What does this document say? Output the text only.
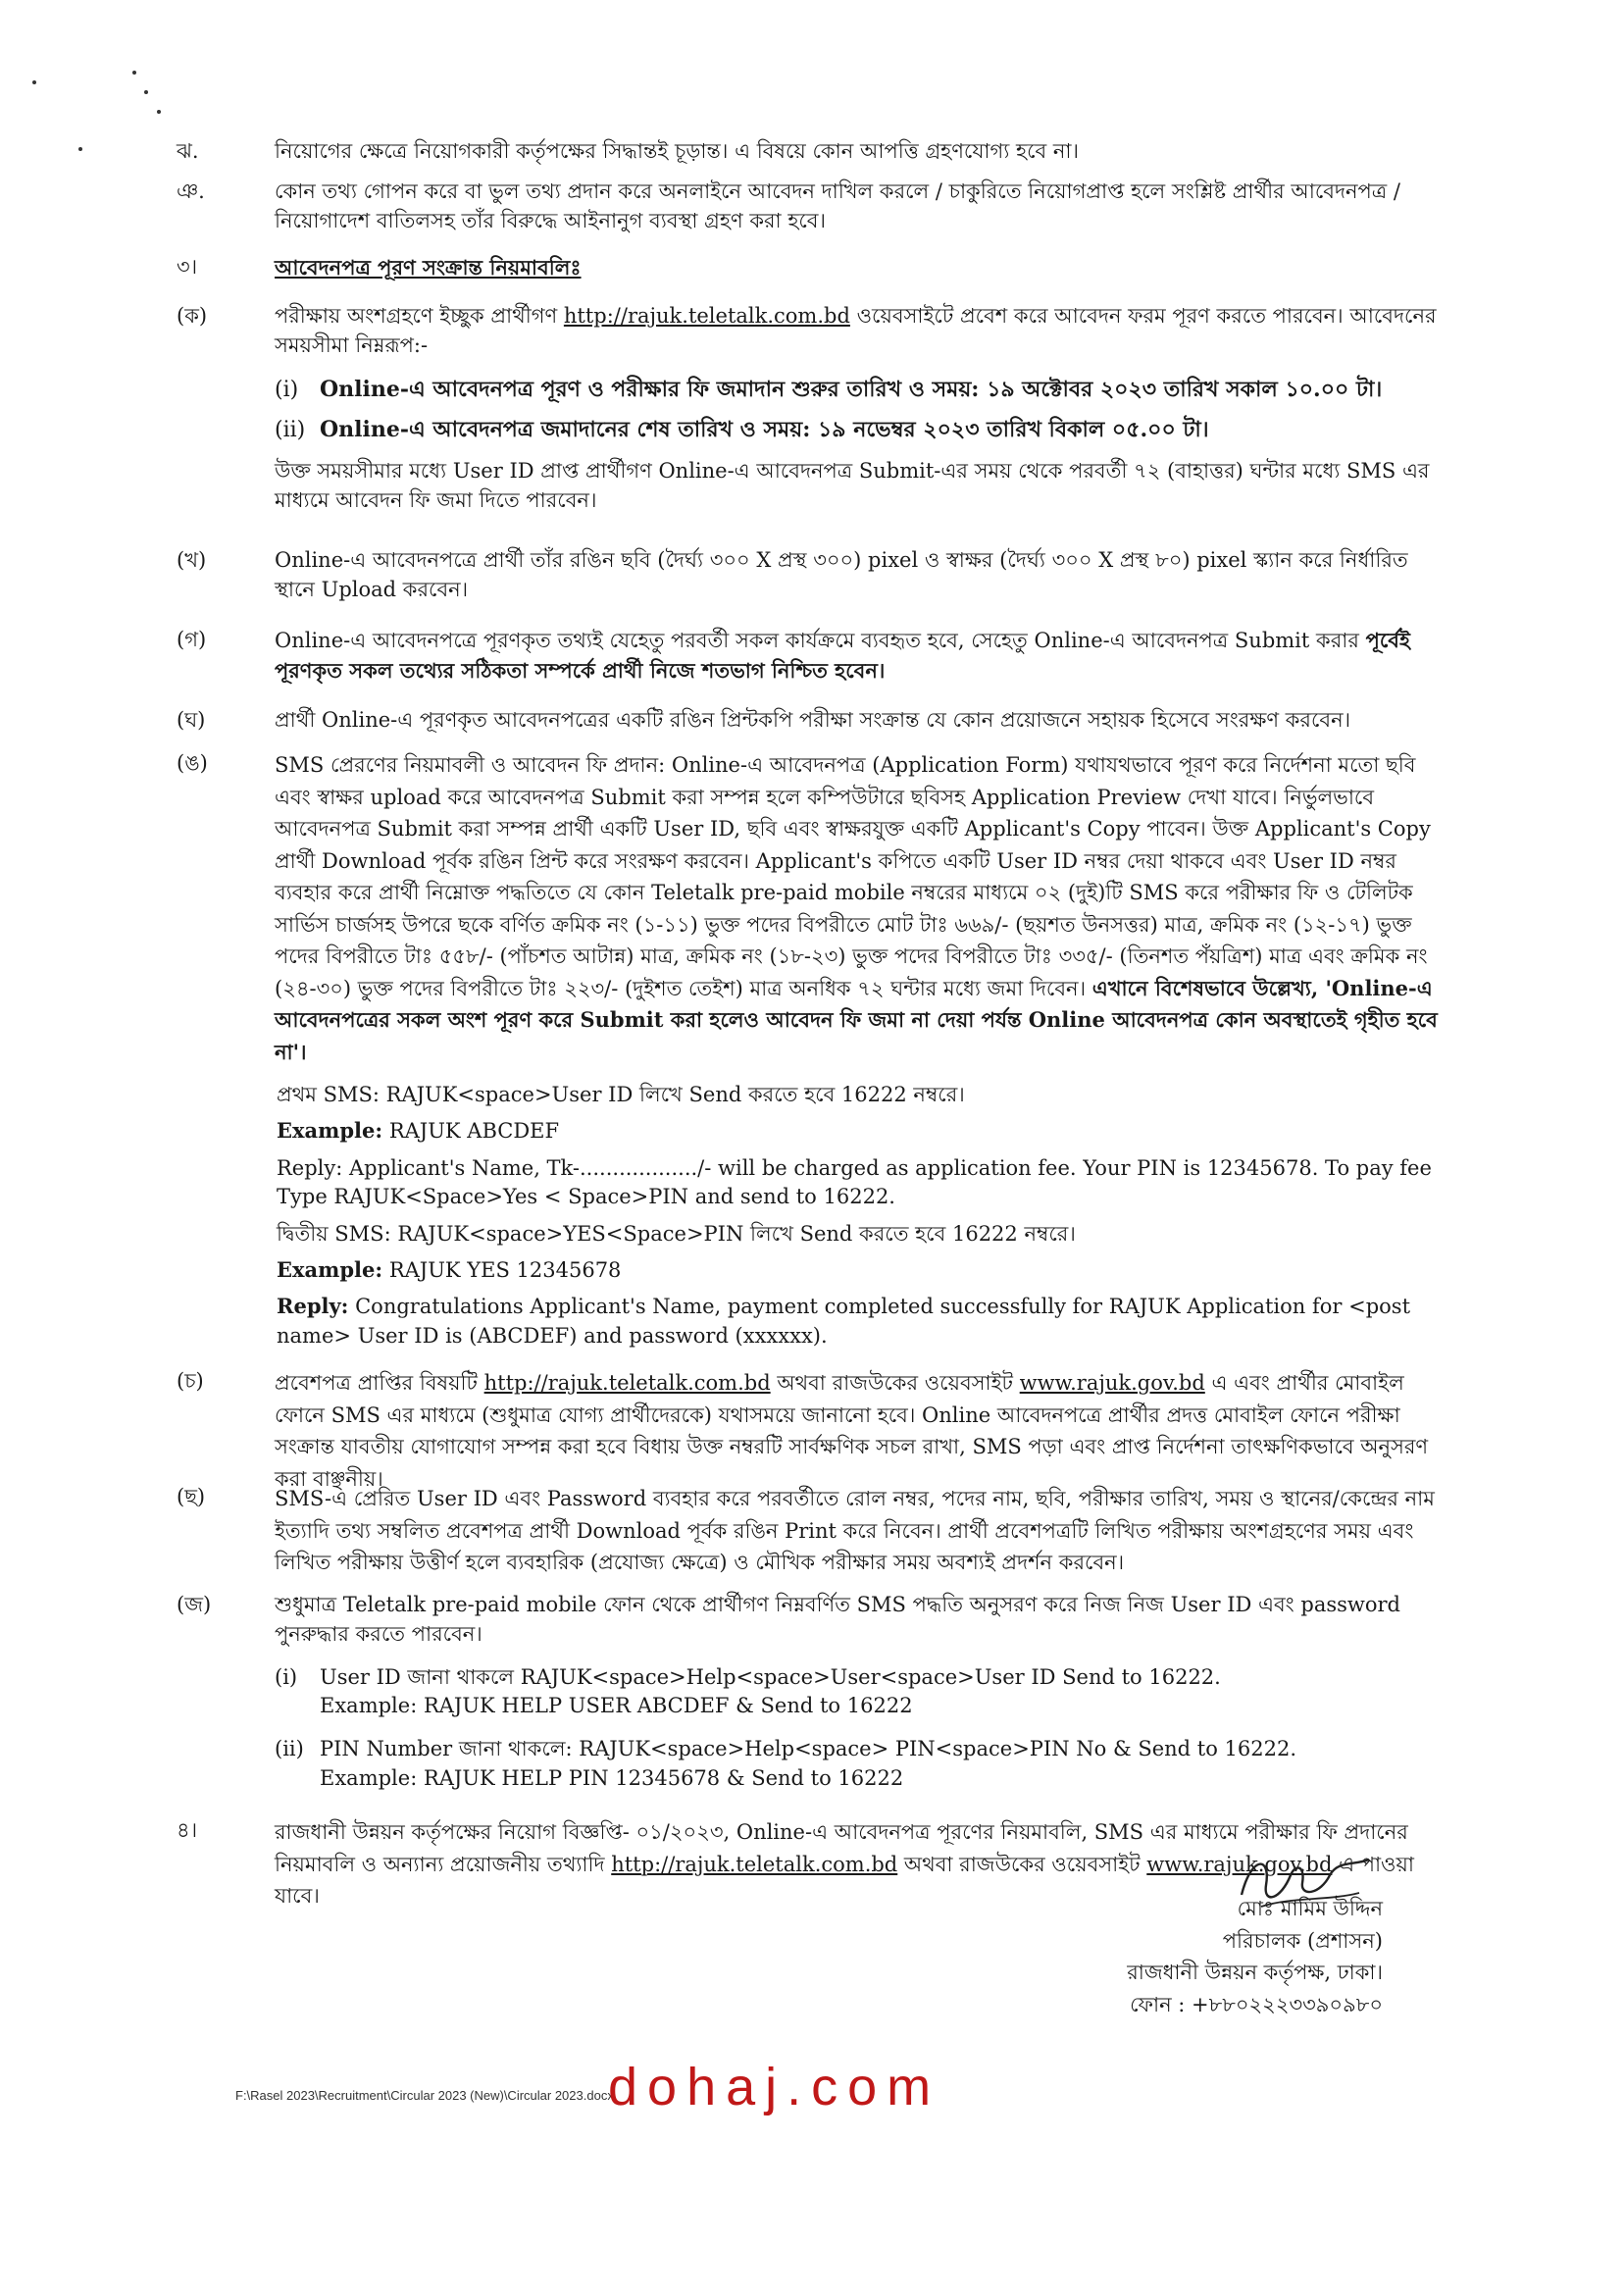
ঝ.	নিয়োগের ক্ষেত্রে নিয়োগকারী কর্তৃপক্ষের সিদ্ধান্তই চূড়ান্ত। এ বিষয়ে কোন আপত্তি গ্রহণযোগ্য হবে না।

ঞ.	কোন তথ্য গোপন করে বা ভুল তথ্য প্রদান করে অনলাইনে আবেদন দাখিল করলে / চাকুরিতে নিয়োগপ্রাপ্ত হলে সংশ্লিষ্ট প্রার্থীর আবেদনপত্র / নিয়োগাদেশ বাতিলসহ তাঁর বিরুদ্ধে আইনানুগ ব্যবস্থা গ্রহণ করা হবে।

৩।	আবেদনপত্র পূরণ সংক্রান্ত নিয়মাবলিঃ

(ক)	পরীক্ষায় অংশগ্রহণে ইচ্ছুক প্রার্থীগণ http://rajuk.teletalk.com.bd ওয়েবসাইটে প্রবেশ করে আবেদন ফরম পূরণ করতে পারবেন। আবেদনের সময়সীমা নিম্নরূপ:-

(i) Online-এ আবেদনপত্র পূরণ ও পরীক্ষার ফি জমাদান শুরুর তারিখ ও সময়: ১৯ অক্টোবর ২০২৩ তারিখ সকাল ১০.০০ টা।
(ii) Online-এ আবেদনপত্র জমাদানের শেষ তারিখ ও সময়: ১৯ নভেম্বর ২০২৩ তারিখ বিকাল ০৫.০০ টা।

উক্ত সময়সীমার মধ্যে User ID প্রাপ্ত প্রার্থীগণ Online-এ আবেদনপত্র Submit-এর সময় থেকে পরবর্তী ৭২ (বাহাত্তর) ঘন্টার মধ্যে SMS এর মাধ্যমে আবেদন ফি জমা দিতে পারবেন।

(খ)	Online-এ আবেদনপত্রে প্রার্থী তাঁর রঙিন ছবি (দৈর্ঘ্য ৩০০ X প্রস্থ ৩০০) pixel ও স্বাক্ষর (দৈর্ঘ্য ৩০০ X প্রস্থ ৮০) pixel স্ক্যান করে নির্ধারিত স্থানে Upload করবেন।

(গ)	Online-এ আবেদনপত্রে পূরণকৃত তথ্যই যেহেতু পরবর্তী সকল কার্যক্রমে ব্যবহৃত হবে, সেহেতু Online-এ আবেদনপত্র Submit করার পূর্বেই পূরণকৃত সকল তথ্যের সঠিকতা সম্পর্কে প্রার্থী নিজে শতভাগ নিশ্চিত হবেন।

(ঘ)	প্রার্থী Online-এ পূরণকৃত আবেদনপত্রের একটি রঙিন প্রিন্টকপি পরীক্ষা সংক্রান্ত যে কোন প্রয়োজনে সহায়ক হিসেবে সংরক্ষণ করবেন।

(ঙ)	SMS প্রেরণের নিয়মাবলী ও আবেদন ফি প্রদান: Online-এ আবেদনপত্র (Application Form) যথাযথভাবে পূরণ করে নির্দেশনা মতো ছবি এবং স্বাক্ষর upload করে আবেদনপত্র Submit করা সম্পন্ন হলে কম্পিউটারে ছবিসহ Application Preview দেখা যাবে। নির্ভুলভাবে আবেদনপত্র Submit করা সম্পন্ন প্রার্থী একটি User ID, ছবি এবং স্বাক্ষরযুক্ত একটি Applicant's Copy পাবেন। উক্ত Applicant's Copy প্রার্থী Download পূর্বক রঙিন প্রিন্ট করে সংরক্ষণ করবেন। Applicant's কপিতে একটি User ID নম্বর দেয়া থাকবে এবং User ID নম্বর ব্যবহার করে প্রার্থী নিম্নোক্ত পদ্ধতিতে যে কোন Teletalk pre-paid mobile নম্বরের মাধ্যমে ০২ (দুই)টি SMS করে পরীক্ষার ফি ও টেলিটক সার্ভিস চার্জসহ উপরে ছকে বর্ণিত ক্রমিক নং (১-১১) ভুক্ত পদের বিপরীতে মোট টাঃ ৬৬৯/- (ছয়শত উনসত্তর) মাত্র, ক্রমিক নং (১২-১৭) ভুক্ত পদের বিপরীতে টাঃ ৫৫৮/- (পাঁচশত আটান্ন) মাত্র, ক্রমিক নং (১৮-২৩) ভুক্ত পদের বিপরীতে টাঃ ৩৩৫/- (তিনশত পঁয়ত্রিশ) মাত্র এবং ক্রমিক নং (২৪-৩০) ভুক্ত পদের বিপরীতে টাঃ ২২৩/- (দুইশত তেইশ) মাত্র অনধিক ৭২ ঘন্টার মধ্যে জমা দিবেন। এখানে বিশেষভাবে উল্লেখ্য, 'Online-এ আবেদনপত্রের সকল অংশ পূরণ করে Submit করা হলেও আবেদন ফি জমা না দেয়া পর্যন্ত Online আবেদনপত্র কোন অবস্থাতেই গৃহীত হবে না'।

প্রথম SMS: RAJUK<space>User ID লিখে Send করতে হবে 16222 নম্বরে।

Example: RAJUK ABCDEF

Reply: Applicant's Name, Tk-................../- will be charged as application fee. Your PIN is 12345678. To pay fee Type RAJUK<Space>Yes < Space>PIN and send to 16222.

দ্বিতীয় SMS: RAJUK<space>YES<Space>PIN লিখে Send করতে হবে 16222 নম্বরে।

Example: RAJUK YES 12345678

Reply: Congratulations Applicant's Name, payment completed successfully for RAJUK Application for <post name> User ID is (ABCDEF) and password (xxxxxx).

(চ)	প্রবেশপত্র প্রাপ্তির বিষয়টি http://rajuk.teletalk.com.bd অথবা রাজউকের ওয়েবসাইট www.rajuk.gov.bd এ এবং প্রার্থীর মোবাইল ফোনে SMS এর মাধ্যমে (শুধুমাত্র যোগ্য প্রার্থীদেরকে) যথাসময়ে জানানো হবে। Online আবেদনপত্রে প্রার্থীর প্রদত্ত মোবাইল ফোনে পরীক্ষা সংক্রান্ত যাবতীয় যোগাযোগ সম্পন্ন করা হবে বিধায় উক্ত নম্বরটি সার্বক্ষণিক সচল রাখা, SMS পড়া এবং প্রাপ্ত নির্দেশনা তাৎক্ষণিকভাবে অনুসরণ করা বাঞ্ছনীয়।

(ছ)	SMS-এ প্রেরিত User ID এবং Password ব্যবহার করে পরবর্তীতে রোল নম্বর, পদের নাম, ছবি, পরীক্ষার তারিখ, সময় ও স্থানের/কেন্দ্রের নাম ইত্যাদি তথ্য সম্বলিত প্রবেশপত্র প্রার্থী Download পূর্বক রঙিন Print করে নিবেন। প্রার্থী প্রবেশপত্রটি লিখিত পরীক্ষায় অংশগ্রহণের সময় এবং লিখিত পরীক্ষায় উত্তীর্ণ হলে ব্যবহারিক (প্রযোজ্য ক্ষেত্রে) ও মৌখিক পরীক্ষার সময় অবশ্যই প্রদর্শন করবেন।

(জ)	শুধুমাত্র Teletalk pre-paid mobile ফোন থেকে প্রার্থীগণ নিম্নবর্ণিত SMS পদ্ধতি অনুসরণ করে নিজ নিজ User ID এবং password পুনরুদ্ধার করতে পারবেন।

(i) User ID জানা থাকলে RAJUK<space>Help<space>User<space>User ID Send to 16222.
Example: RAJUK HELP USER ABCDEF & Send to 16222
(ii) PIN Number জানা থাকলে: RAJUK<space>Help<space> PIN<space>PIN No & Send to 16222.
Example: RAJUK HELP PIN 12345678 & Send to 16222
৪।	রাজধানী উন্নয়ন কর্তৃপক্ষের নিয়োগ বিজ্ঞপ্তি- ০১/২০২৩, Online-এ আবেদনপত্র পূরণের নিয়মাবলি, SMS এর মাধ্যমে পরীক্ষার ফি প্রদানের নিয়মাবলি ও অন্যান্য প্রয়োজনীয় তথ্যাদি http://rajuk.teletalk.com.bd অথবা রাজউকের ওয়েবসাইট www.rajuk.gov.bd এ পাওয়া যাবে।

মোঃ মামিম উদ্দিন
পরিচালক (প্রশাসন)
রাজধানী উন্নয়ন কর্তৃপক্ষ, ঢাকা।
ফোন : +৮৮০২২২৩৩৯০৯৮০
F:\Rasel 2023\Recruitment\Circular 2023 (New)\Circular 2023.docx
dohaj.com
